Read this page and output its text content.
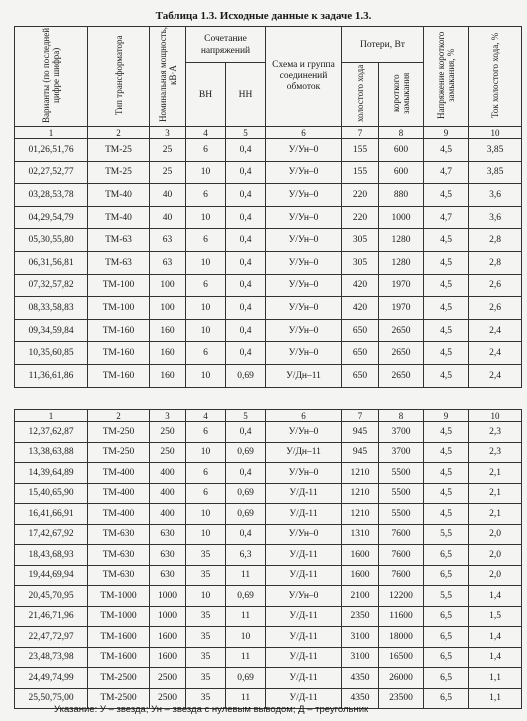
Таблица 1.3. Исходные данные к задаче 1.3.
Варианты (по последней цифре шифра)	Тип трансформатора	Номинальная мощность, кВ·А	Сочетание напряжений		Схема и группа соединений обмоток	Потери, Вт		Напряжение короткого замыкания, %	Ток холостого хода, %
			ВН	НН		холостого хода	короткого замыкания		
1	2	3	4	5	6	7	8	9	10
01,26,51,76	ТМ-25	25	6	0,4	У/Ун–0	155	600	4,5	3,85
02,27,52,77	ТМ-25	25	10	0,4	У/Ун–0	155	600	4,7	3,85
03,28,53,78	ТМ-40	40	6	0,4	У/Ун–0	220	880	4,5	3,6
04,29,54,79	ТМ-40	40	10	0,4	У/Ун–0	220	1000	4,7	3,6
05,30,55,80	ТМ-63	63	6	0,4	У/Ун–0	305	1280	4,5	2,8
06,31,56,81	ТМ-63	63	10	0,4	У/Ун–0	305	1280	4,5	2,8
07,32,57,82	ТМ-100	100	6	0,4	У/Ун–0	420	1970	4,5	2,6
08,33,58,83	ТМ-100	100	10	0,4	У/Ун–0	420	1970	4,5	2,6
09,34,59,84	ТМ-160	160	10	0,4	У/Ун–0	650	2650	4,5	2,4
10,35,60,85	ТМ-160	160	6	0,4	У/Ун–0	650	2650	4,5	2,4
11,36,61,86	ТМ-160	160	10	0,69	У/Дн–11	650	2650	4,5	2,4
1	2	3	4	5	6	7	8	9	10
12,37,62,87	ТМ-250	250	6	0,4	У/Ун–0	945	3700	4,5	2,3
13,38,63,88	ТМ-250	250	10	0,69	У/Дн–11	945	3700	4,5	2,3
14,39,64,89	ТМ-400	400	6	0,4	У/Ун–0	1210	5500	4,5	2,1
15,40,65,90	ТМ-400	400	6	0,69	У/Д-11	1210	5500	4,5	2,1
16,41,66,91	ТМ-400	400	10	0,69	У/Д-11	1210	5500	4,5	2,1
17,42,67,92	ТМ-630	630	10	0,4	У/Ун–0	1310	7600	5,5	2,0
18,43,68,93	ТМ-630	630	35	6,3	У/Д-11	1600	7600	6,5	2,0
19,44,69,94	ТМ-630	630	35	11	У/Д-11	1600	7600	6,5	2,0
20,45,70,95	ТМ-1000	1000	10	0,69	У/Ун–0	2100	12200	5,5	1,4
21,46,71,96	ТМ-1000	1000	35	11	У/Д-11	2350	11600	6,5	1,5
22,47,72,97	ТМ-1600	1600	35	10	У/Д-11	3100	18000	6,5	1,4
23,48,73,98	ТМ-1600	1600	35	11	У/Д-11	3100	16500	6,5	1,4
24,49,74,99	ТМ-2500	2500	35	0,69	У/Д-11	4350	26000	6,5	1,1
25,50,75,00	ТМ-2500	2500	35	11	У/Д-11	4350	23500	6,5	1,1
Указание: У – звезда; Ун – звезда с нулевым выводом; Д – треугольник
